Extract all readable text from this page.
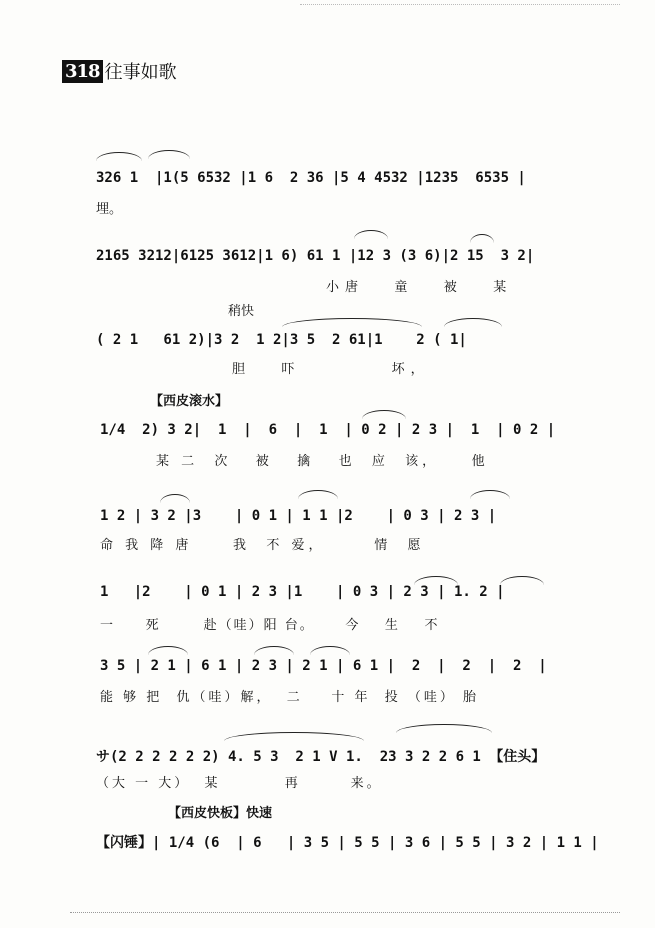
318 往事如歌
326 1  |1(5 6532 |1 6  2 36 |5 4 4532 |1235  6535 |
埋。
2165 3212|6125 3612|1 6) 61 1 |12 3 (3 6)|2 15  3 2|
小唐   童   被   某
稍快
( 2 1   61 2)|3 2  1 2|3 5  2 61|1    2 ( 1|
胆   吓         坏，
【西皮滚水】
1/4  2) 3 2|  1  |  6  |  1  | 0 2 | 2 3 |  1  | 0 2 |
某 二  次   被   擒   也  应  该，    他
1 2 | 3 2 |3    | 0 1 | 1 1 |2    | 0 3 | 2 3 |
命 我 降 唐     我  不 爱，      情  愿
1   |2    | 0 1 | 2 3 |1    | 0 3 | 2 3 | 1. 2 |
一     死       赴（哇）阳 台。     今    生    不
3 5 | 2 1 | 6 1 | 2 3 | 2 1 | 6 1 |  2  |  2  |  2  |
能 够 把  仇（哇）解，  二    十 年  投 （哇） 胎
サ(2 2 2 2 2 2) 4. 5 3  2 1 V 1.  23 3 2 2 6 1 【住头】
（大 一 大）  某         再       来。
【西皮快板】快速
【闪锤】| 1/4 (6  | 6   | 3 5 | 5 5 | 3 6 | 5 5 | 3 2 | 1 1 |
